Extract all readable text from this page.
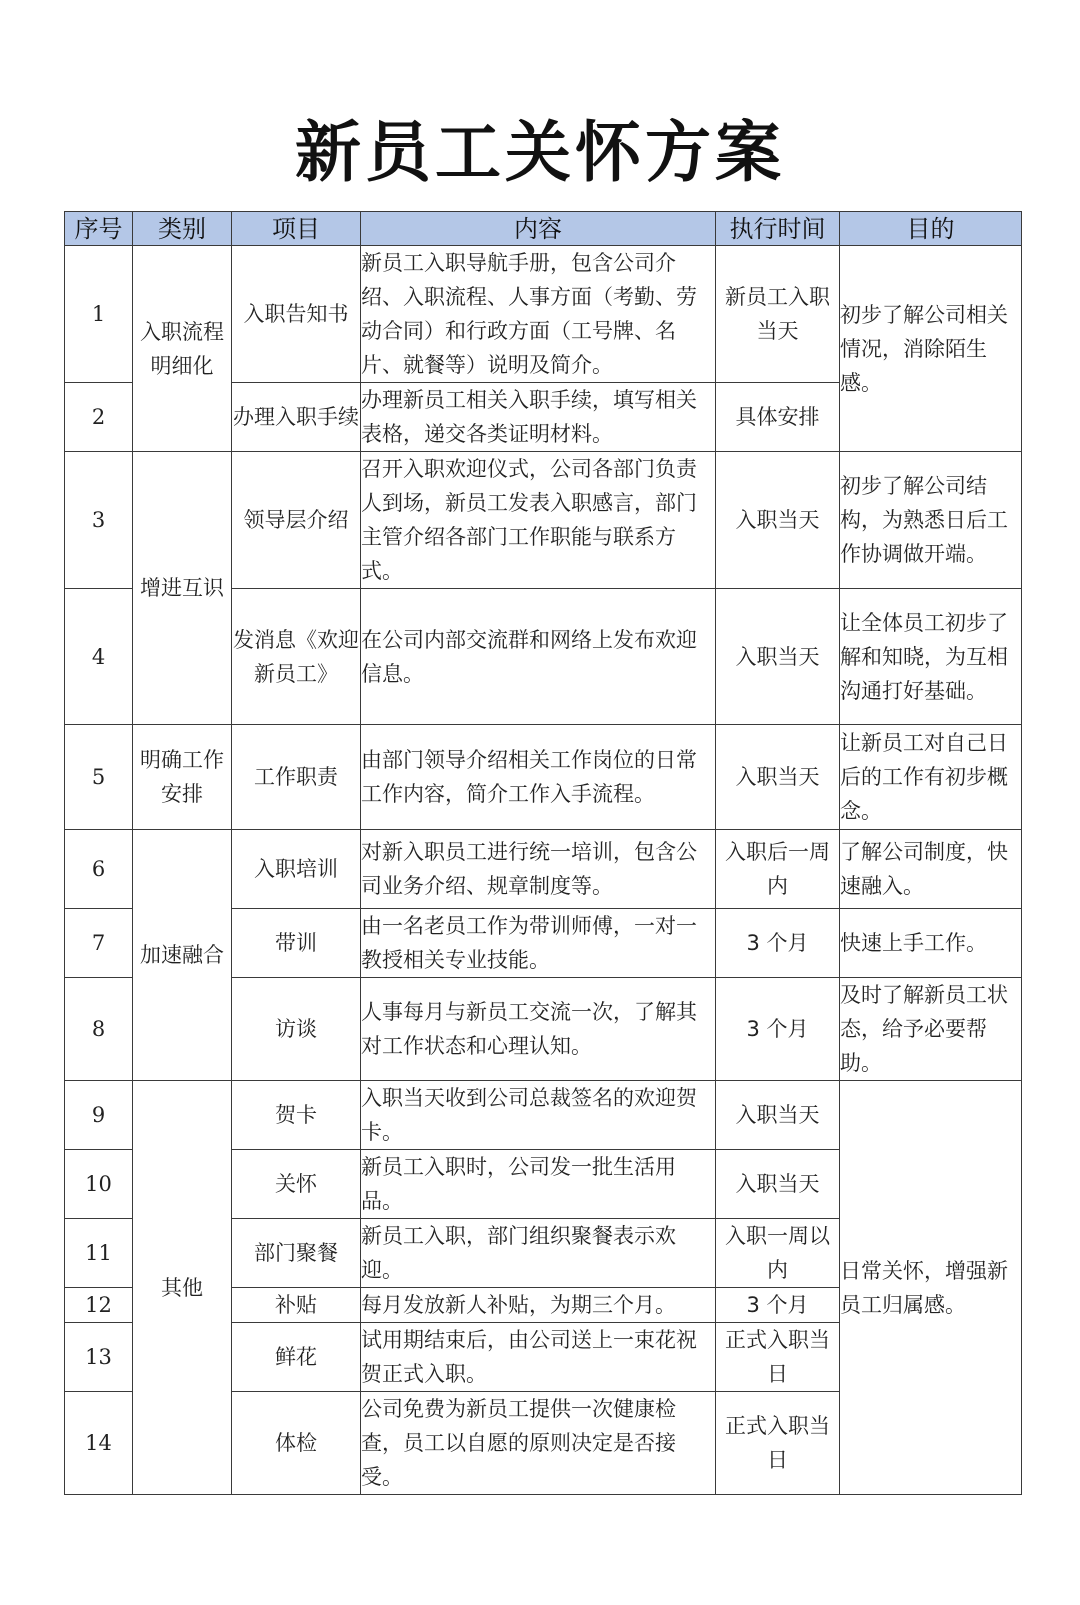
新员工关怀方案
序号	类别	项目	内容	执行时间	目的
1	入职流程明细化	入职告知书	新员工入职导航手册，包含公司介绍、入职流程、人事方面（考勤、劳动合同）和行政方面（工号牌、名片、就餐等）说明及简介。	新员工入职当天	初步了解公司相关情况，消除陌生感。
2		办理入职手续	办理新员工相关入职手续，填写相关表格，递交各类证明材料。	具体安排	
3	增进互识	领导层介绍	召开入职欢迎仪式，公司各部门负责人到场，新员工发表入职感言，部门主管介绍各部门工作职能与联系方式。	入职当天	初步了解公司结构，为熟悉日后工作协调做开端。
4		发消息《欢迎新员工》	在公司内部交流群和网络上发布欢迎信息。	入职当天	让全体员工初步了解和知晓，为互相沟通打好基础。
5	明确工作安排	工作职责	由部门领导介绍相关工作岗位的日常工作内容，简介工作入手流程。	入职当天	让新员工对自己日后的工作有初步概念。
6	加速融合	入职培训	对新入职员工进行统一培训，包含公司业务介绍、规章制度等。	入职后一周内	了解公司制度，快速融入。
7		带训	由一名老员工作为带训师傅，一对一教授相关专业技能。	3 个月	快速上手工作。
8		访谈	人事每月与新员工交流一次，了解其对工作状态和心理认知。	3 个月	及时了解新员工状态，给予必要帮助。
9	其他	贺卡	入职当天收到公司总裁签名的欢迎贺卡。	入职当天	日常关怀，增强新员工归属感。
10		关怀	新员工入职时，公司发一批生活用品。	入职当天	
11		部门聚餐	新员工入职，部门组织聚餐表示欢迎。	入职一周以内	
12		补贴	每月发放新人补贴，为期三个月。	3 个月	
13		鲜花	试用期结束后，由公司送上一束花祝贺正式入职。	正式入职当日	
14		体检	公司免费为新员工提供一次健康检查，员工以自愿的原则决定是否接受。	正式入职当日	
